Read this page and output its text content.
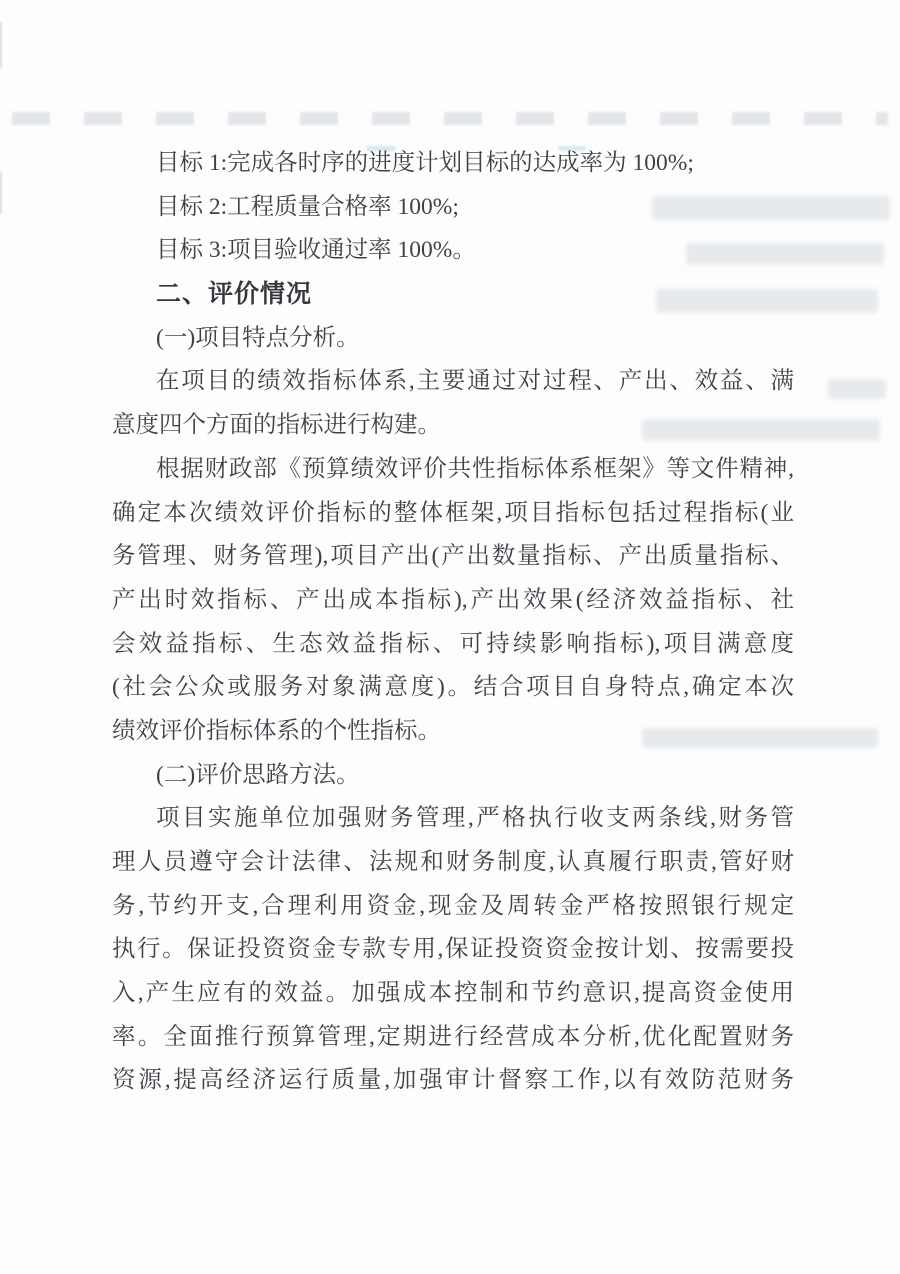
目标 1:完成各时序的进度计划目标的达成率为 100%;
目标 2:工程质量合格率 100%;
目标 3:项目验收通过率 100%。
二、评价情况
(一)项目特点分析。
在项目的绩效指标体系,主要通过对过程、产出、效益、满
意度四个方面的指标进行构建。
根据财政部《预算绩效评价共性指标体系框架》等文件精神,
确定本次绩效评价指标的整体框架,项目指标包括过程指标(业
务管理、财务管理),项目产出(产出数量指标、产出质量指标、
产出时效指标、产出成本指标),产出效果(经济效益指标、社
会效益指标、生态效益指标、可持续影响指标),项目满意度
(社会公众或服务对象满意度)。结合项目自身特点,确定本次
绩效评价指标体系的个性指标。
(二)评价思路方法。
项目实施单位加强财务管理,严格执行收支两条线,财务管
理人员遵守会计法律、法规和财务制度,认真履行职责,管好财
务,节约开支,合理利用资金,现金及周转金严格按照银行规定
执行。保证投资资金专款专用,保证投资资金按计划、按需要投
入,产生应有的效益。加强成本控制和节约意识,提高资金使用
率。全面推行预算管理,定期进行经营成本分析,优化配置财务
资源,提高经济运行质量,加强审计督察工作,以有效防范财务
